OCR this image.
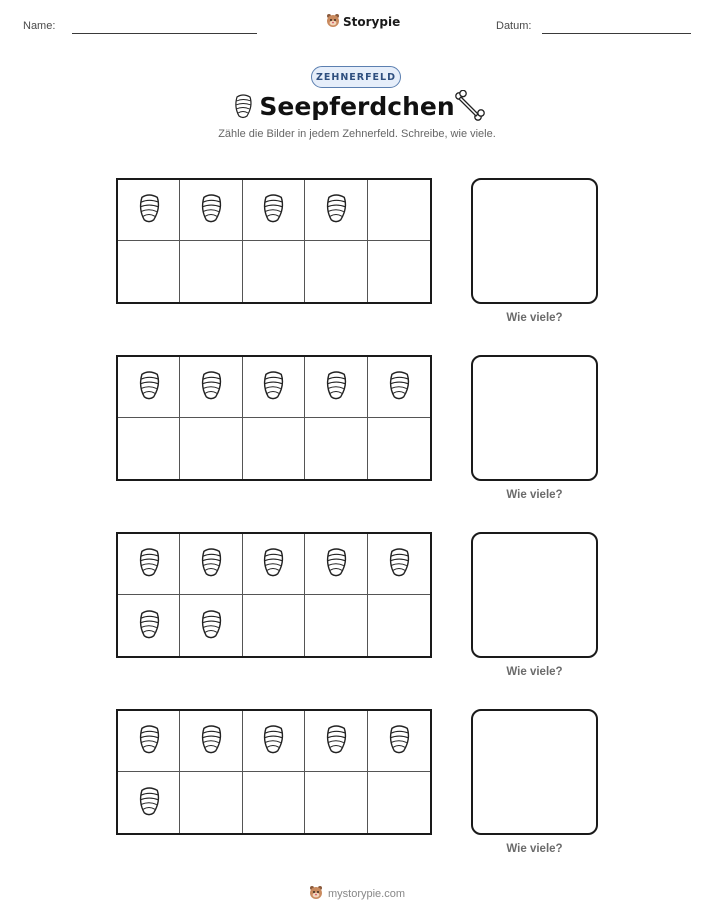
Name:	Storypie	Datum:
ZEHNERFELD
Seepferdchen
Zähle die Bilder in jedem Zehnerfeld. Schreibe, wie viele.
Wie viele?
Wie viele?
Wie viele?
Wie viele?
mystorypie.com
